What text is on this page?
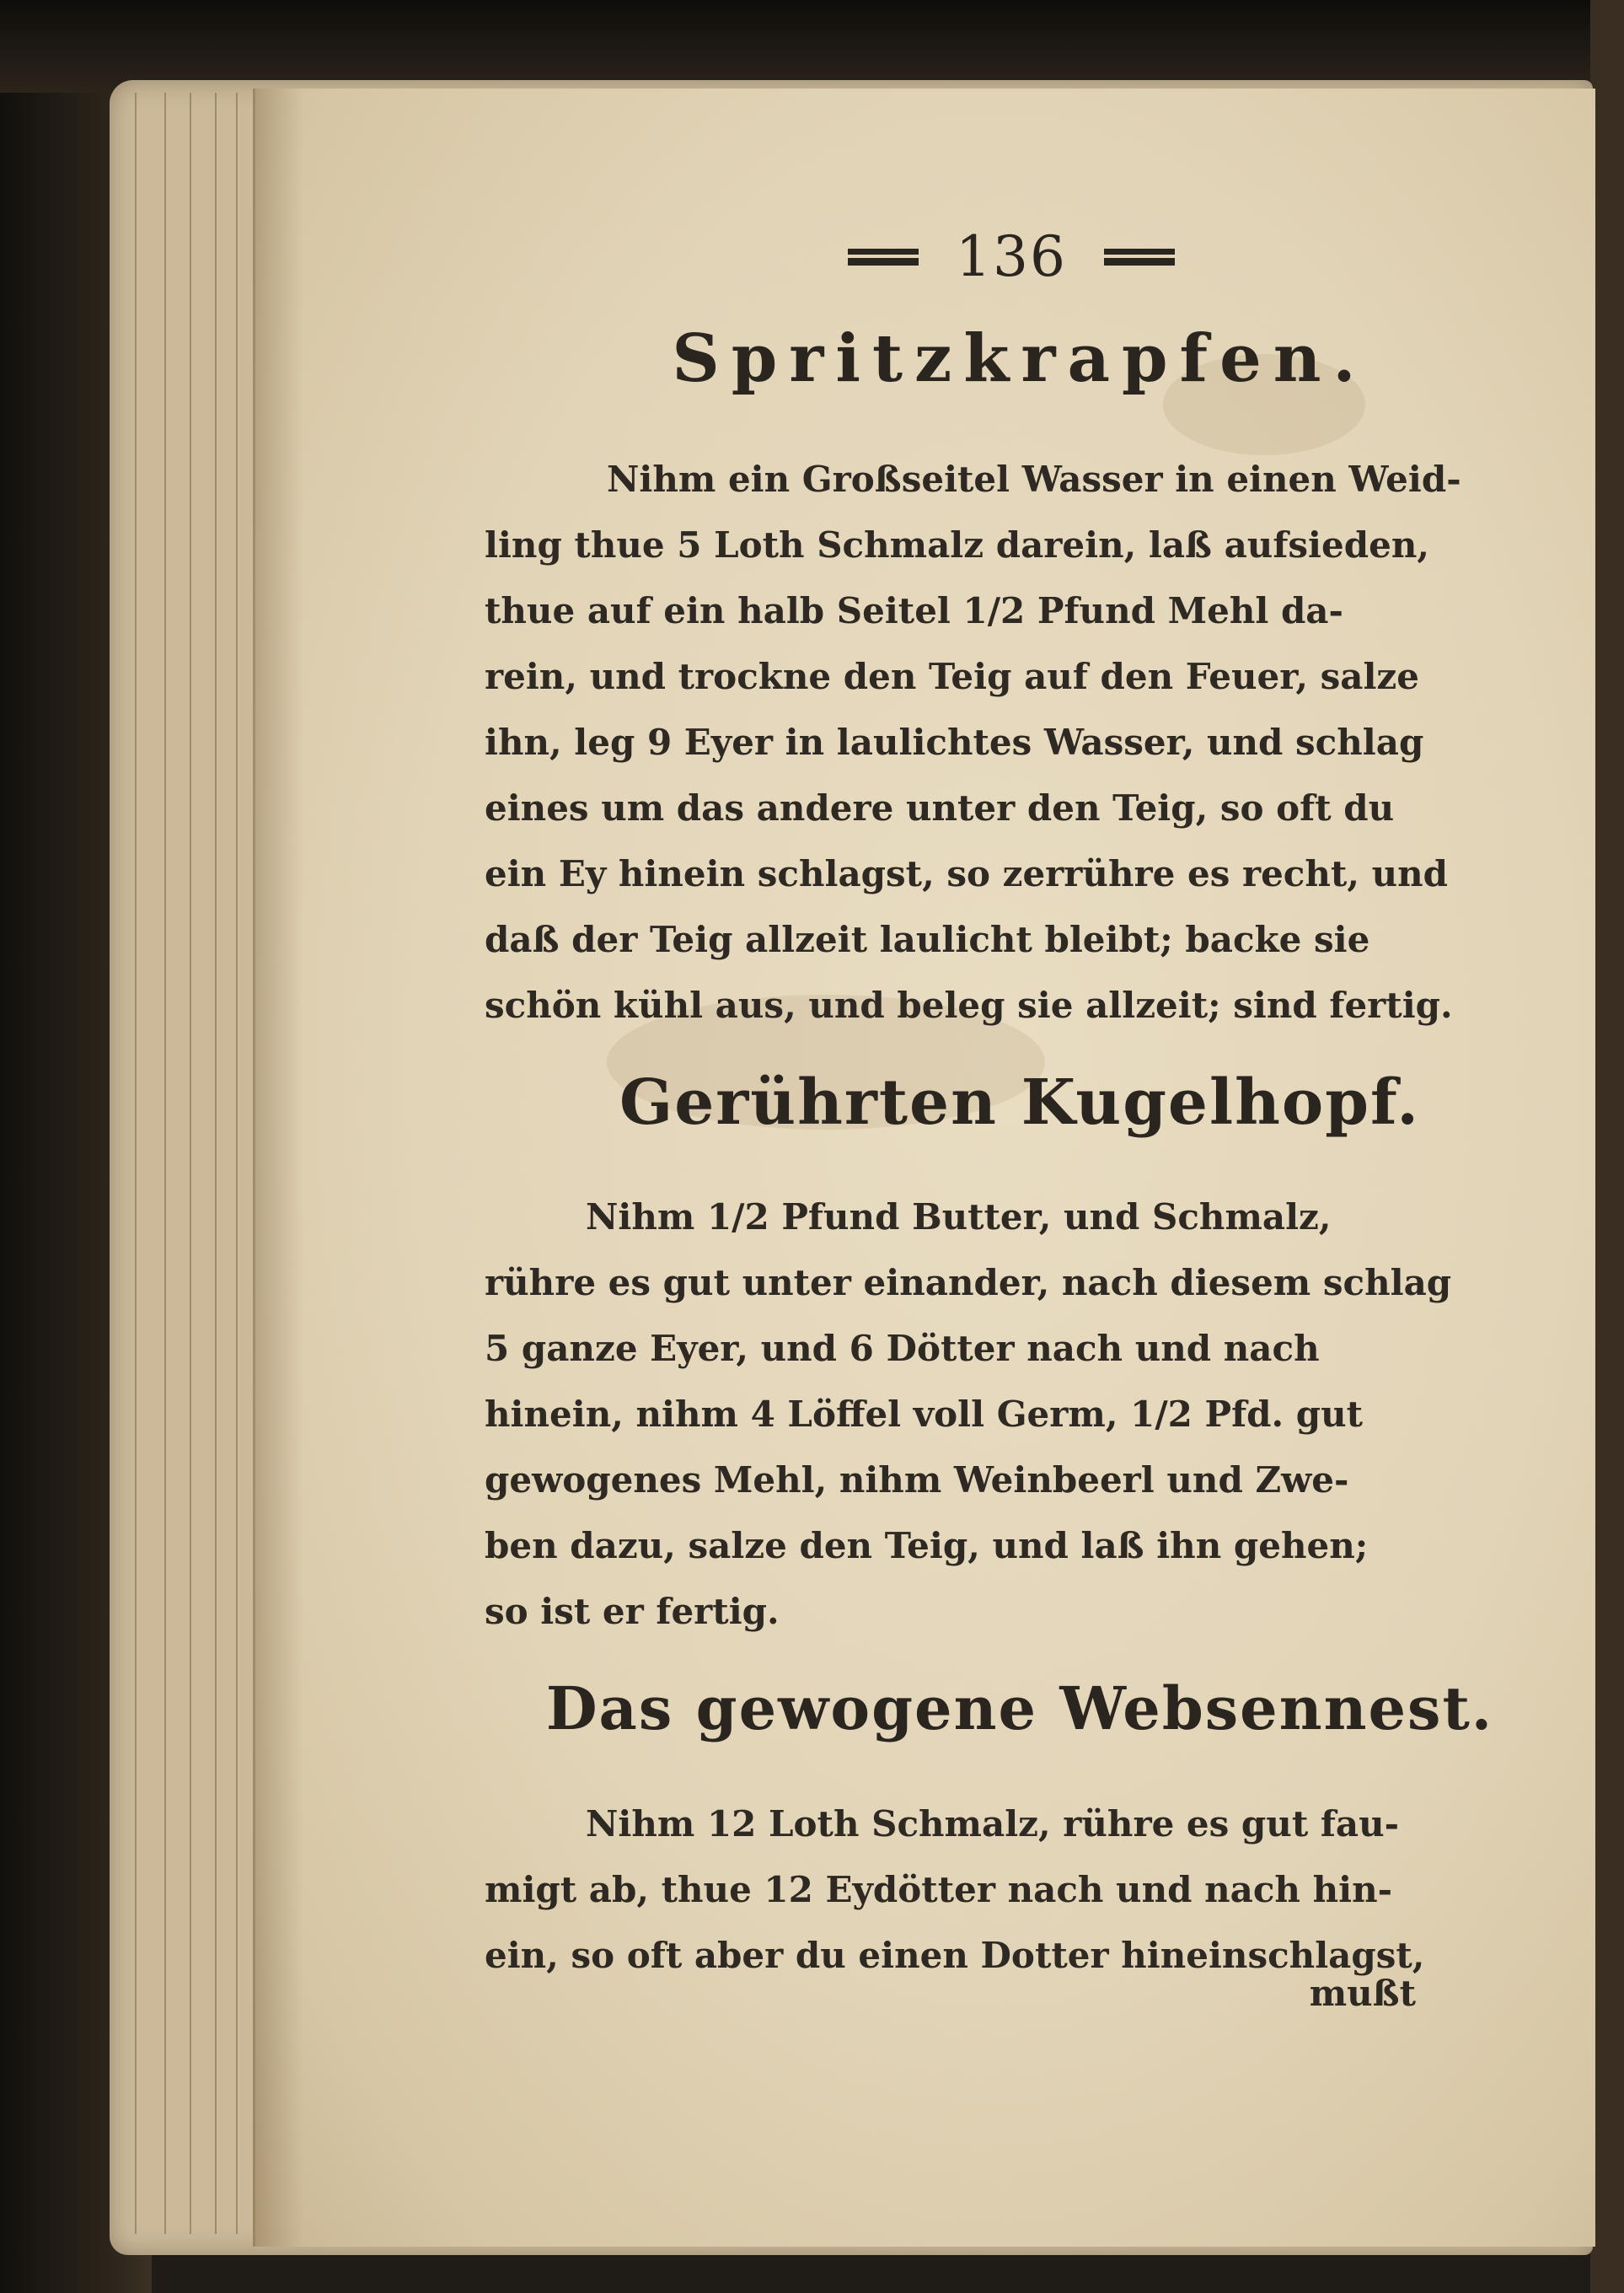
136
Spritzkrapfen.
Nihm ein Großseitel Wasser in einen Weid-
ling thue 5 Loth Schmalz darein, laß aufsieden,
thue auf ein halb Seitel 1/2 Pfund Mehl da-
rein, und trockne den Teig auf den Feuer, salze
ihn, leg 9 Eyer in laulichtes Wasser, und schlag
eines um das andere unter den Teig, so oft du
ein Ey hinein schlagst, so zerrühre es recht, und
daß der Teig allzeit laulicht bleibt; backe sie
schön kühl aus, und beleg sie allzeit; sind fertig.
Gerührten Kugelhopf.
Nihm 1/2 Pfund Butter, und Schmalz,
rühre es gut unter einander, nach diesem schlag
5 ganze Eyer, und 6 Dötter nach und nach
hinein, nihm 4 Löffel voll Germ, 1/2 Pfd. gut
gewogenes Mehl, nihm Weinbeerl und Zwe-
ben dazu, salze den Teig, und laß ihn gehen;
so ist er fertig.
Das gewogene Websennest.
Nihm 12 Loth Schmalz, rühre es gut fau-
migt ab, thue 12 Eydötter nach und nach hin-
ein, so oft aber du einen Dotter hineinschlagst,
mußt
